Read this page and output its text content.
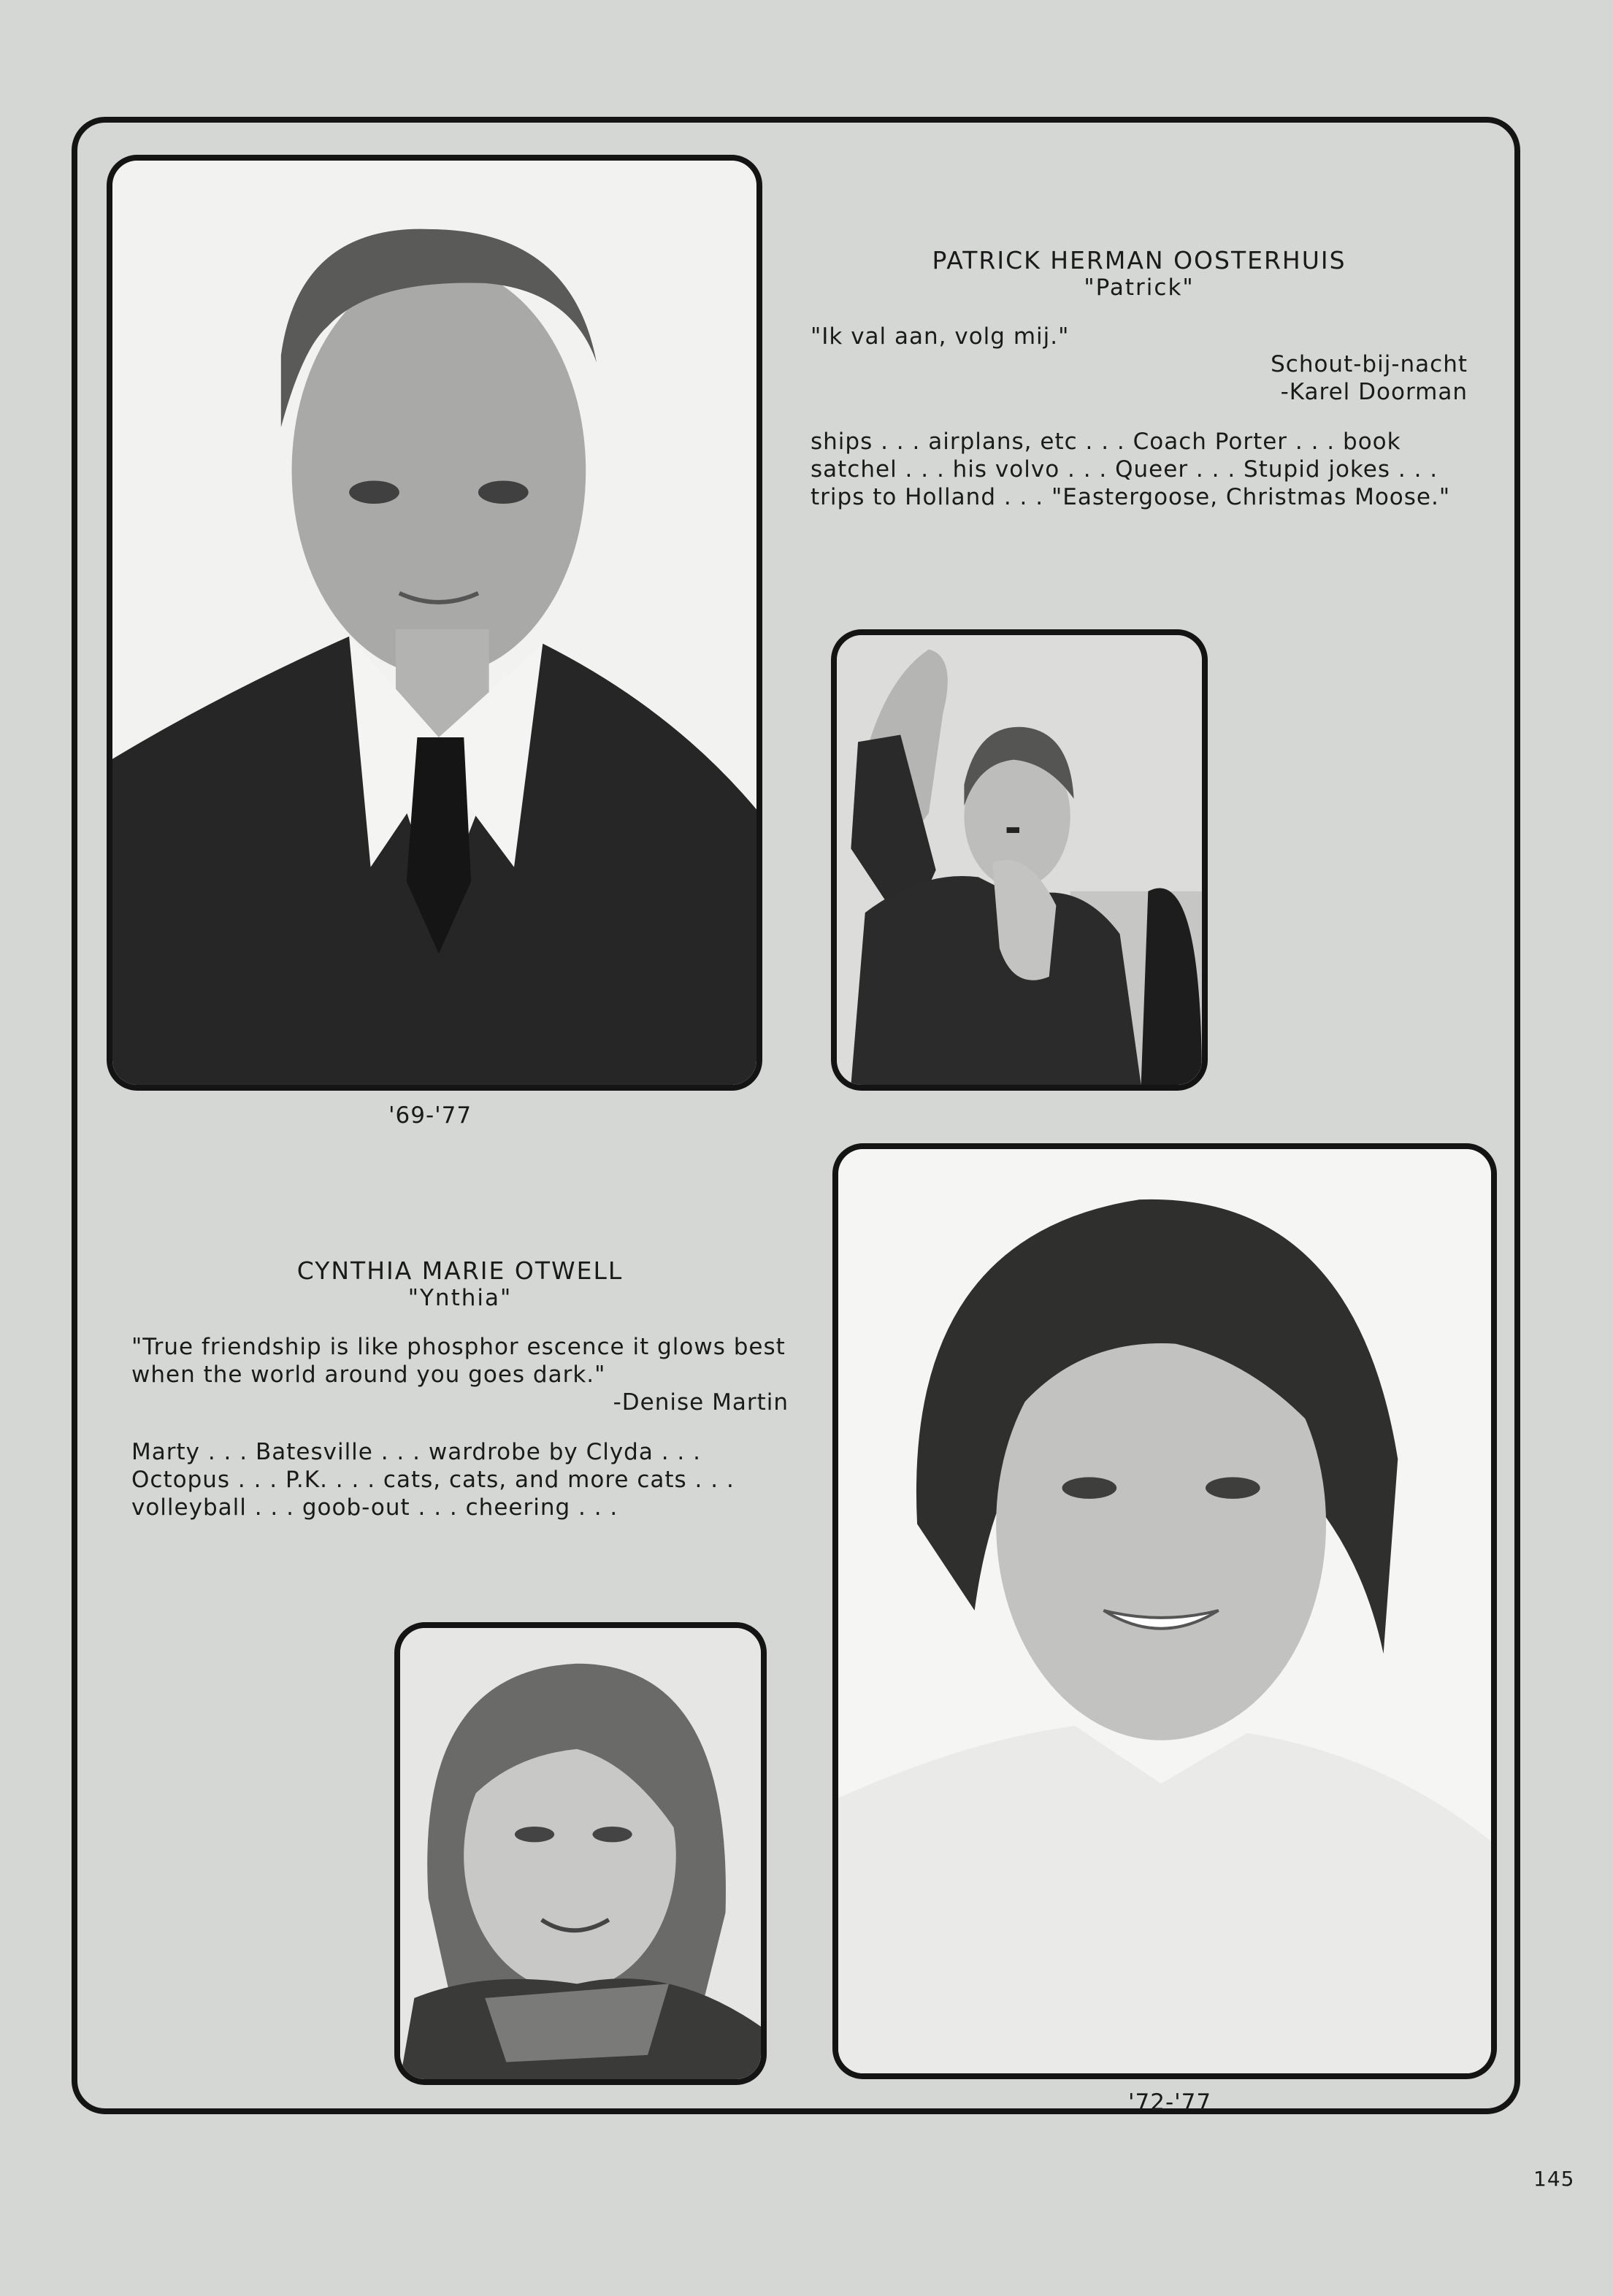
PATRICK HERMAN OOSTERHUIS
"Patrick"
"Ik val aan, volg mij."
Schout-bij-nacht
-Karel Doorman
ships . . . airplans, etc . . . Coach Porter . . . book satchel . . . his volvo . . . Queer . . . Stupid jokes . . . trips to Holland . . . "Eastergoose, Christmas Moose."
'69-'77
CYNTHIA MARIE OTWELL
"Ynthia"
"True friendship is like phosphor escence it glows best when the world around you goes dark."
-Denise Martin
Marty . . . Batesville . . . wardrobe by Clyda . . . Octopus . . . P.K. . . . cats, cats, and more cats . . . volleyball . . . goob-out . . . cheering . . .
'72-'77
145
